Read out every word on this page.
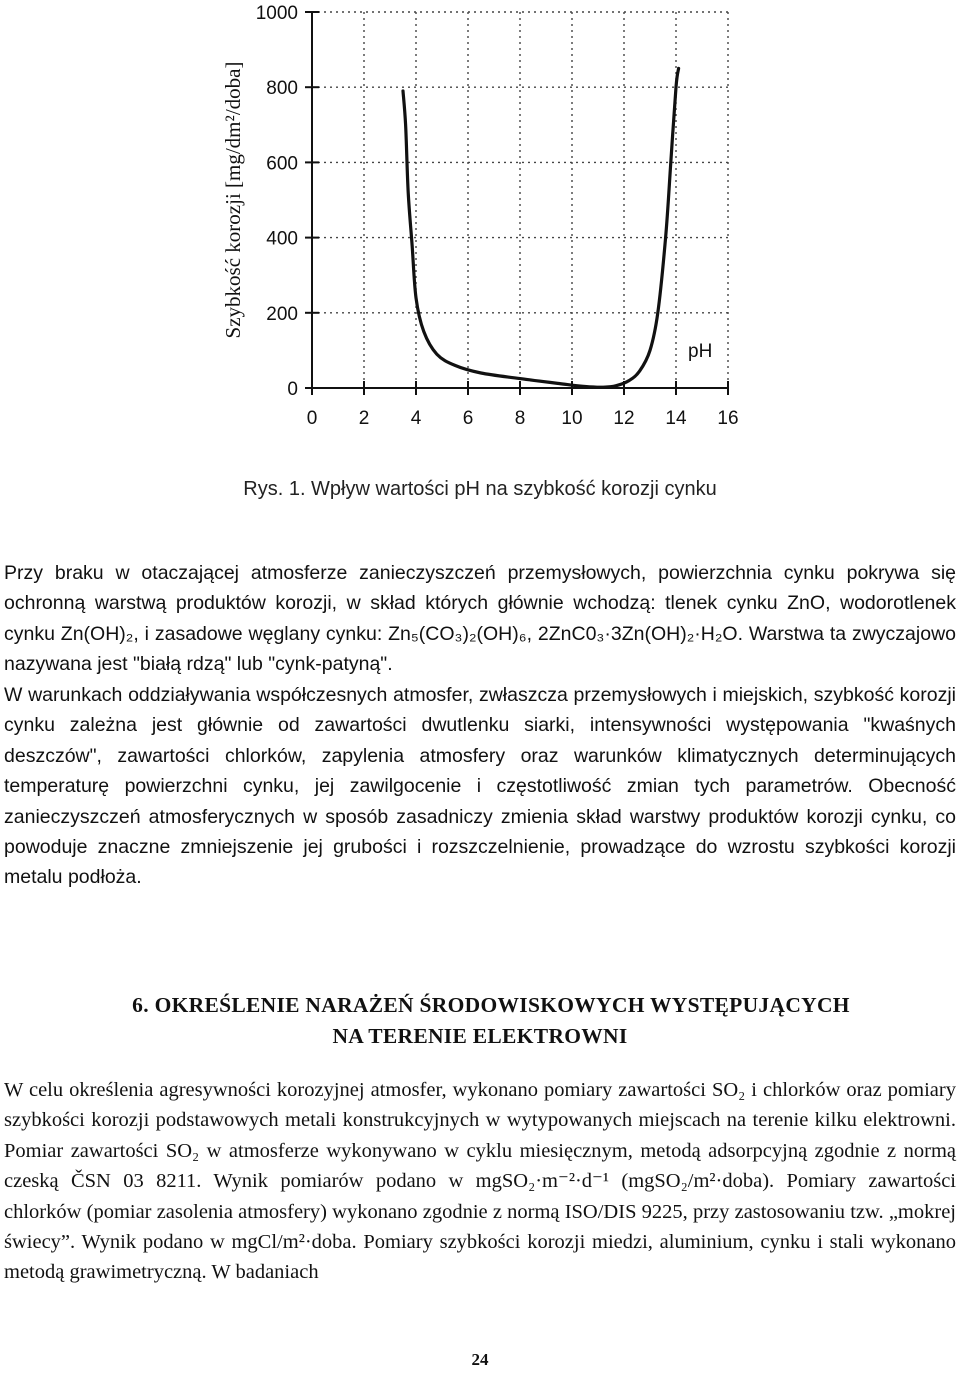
0 2 4 6 8 10 12 14 16
0
200
400
600
800
1000
Szybkość korozji [mg/dm²/doba]
pH
Rys. 1. Wpływ wartości pH na szybkość korozji cynku

Przy braku w otaczającej atmosferze zanieczyszczeń przemysłowych, powierzchnia cynku pokrywa się ochronną warstwą produktów korozji, w skład których głównie wchodzą: tlenek cynku ZnO, wodorotlenek cynku Zn(OH)₂, i zasadowe węglany cynku: Zn₅(CO₃)₂(OH)₆, 2ZnC0₃·3Zn(OH)₂·H₂O. Warstwa ta zwyczajowo nazywana jest "białą rdzą" lub "cynk-patyną".

W warunkach oddziaływania współczesnych atmosfer, zwłaszcza przemysłowych i miejskich, szybkość korozji cynku zależna jest głównie od zawartości dwutlenku siarki, intensywności występowania "kwaśnych deszczów", zawartości chlorków, zapylenia atmosfery oraz warunków klimatycznych determinujących temperaturę powierzchni cynku, jej zawilgocenie i częstotliwość zmian tych parametrów. Obecność zanieczyszczeń atmosferycznych w sposób zasadniczy zmienia skład warstwy produktów korozji cynku, co powoduje znaczne zmniejszenie jej grubości i rozszczelnienie, prowadzące do wzrostu szybkości korozji metalu podłoża.

6. OKREŚLENIE NARAŻEŃ ŚRODOWISKOWYCH WYSTĘPUJĄCYCH
NA TERENIE ELEKTROWNI

W celu określenia agresywności korozyjnej atmosfer, wykonano pomiary zawartości SO₂ i chlorków oraz pomiary szybkości korozji podstawowych metali konstrukcyjnych w wytypowanych miejscach na terenie kilku elektrowni. Pomiar zawartości SO₂ w atmosferze wykonywano w cyklu miesięcznym, metodą adsorpcyjną zgodnie z normą czeską ČSN 03 8211. Wynik pomiarów podano w mgSO₂·m⁻²·d⁻¹ (mgSO₂/m²·doba). Pomiary zawartości chlorków (pomiar zasolenia atmosfery) wykonano zgodnie z normą ISO/DIS 9225, przy zastosowaniu tzw. „mokrej świecy”. Wynik podano w mgCl/m²·doba. Pomiary szybkości korozji miedzi, aluminium, cynku i stali wykonano metodą grawimetryczną. W badaniach

24
